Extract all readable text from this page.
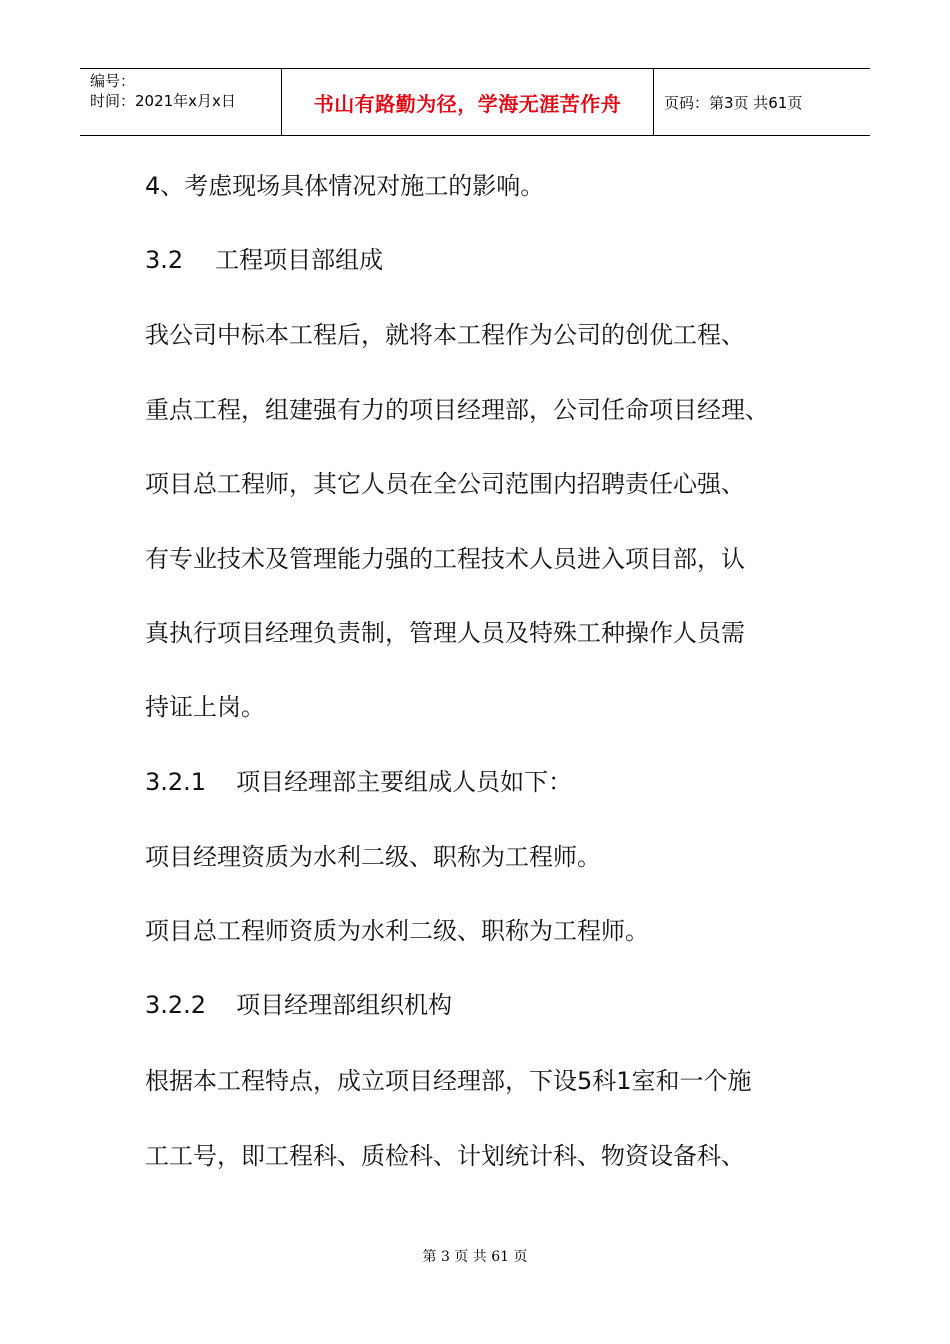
编号：
时间：2021年x月x日	书山有路勤为径，学海无涯苦作舟	页码：第3页 共61页
4、考虑现场具体情况对施工的影响。
3.2 工程项目部组成
我公司中标本工程后，就将本工程作为公司的创优工程、
重点工程，组建强有力的项目经理部，公司任命项目经理、
项目总工程师，其它人员在全公司范围内招聘责任心强、
有专业技术及管理能力强的工程技术人员进入项目部，认
真执行项目经理负责制，管理人员及特殊工种操作人员需
持证上岗。
3.2.1 项目经理部主要组成人员如下：
项目经理资质为水利二级、职称为工程师。
项目总工程师资质为水利二级、职称为工程师。
3.2.2 项目经理部组织机构
根据本工程特点，成立项目经理部，下设5科1室和一个施
工工号，即工程科、质检科、计划统计科、物资设备科、
第 3 页 共 61 页
